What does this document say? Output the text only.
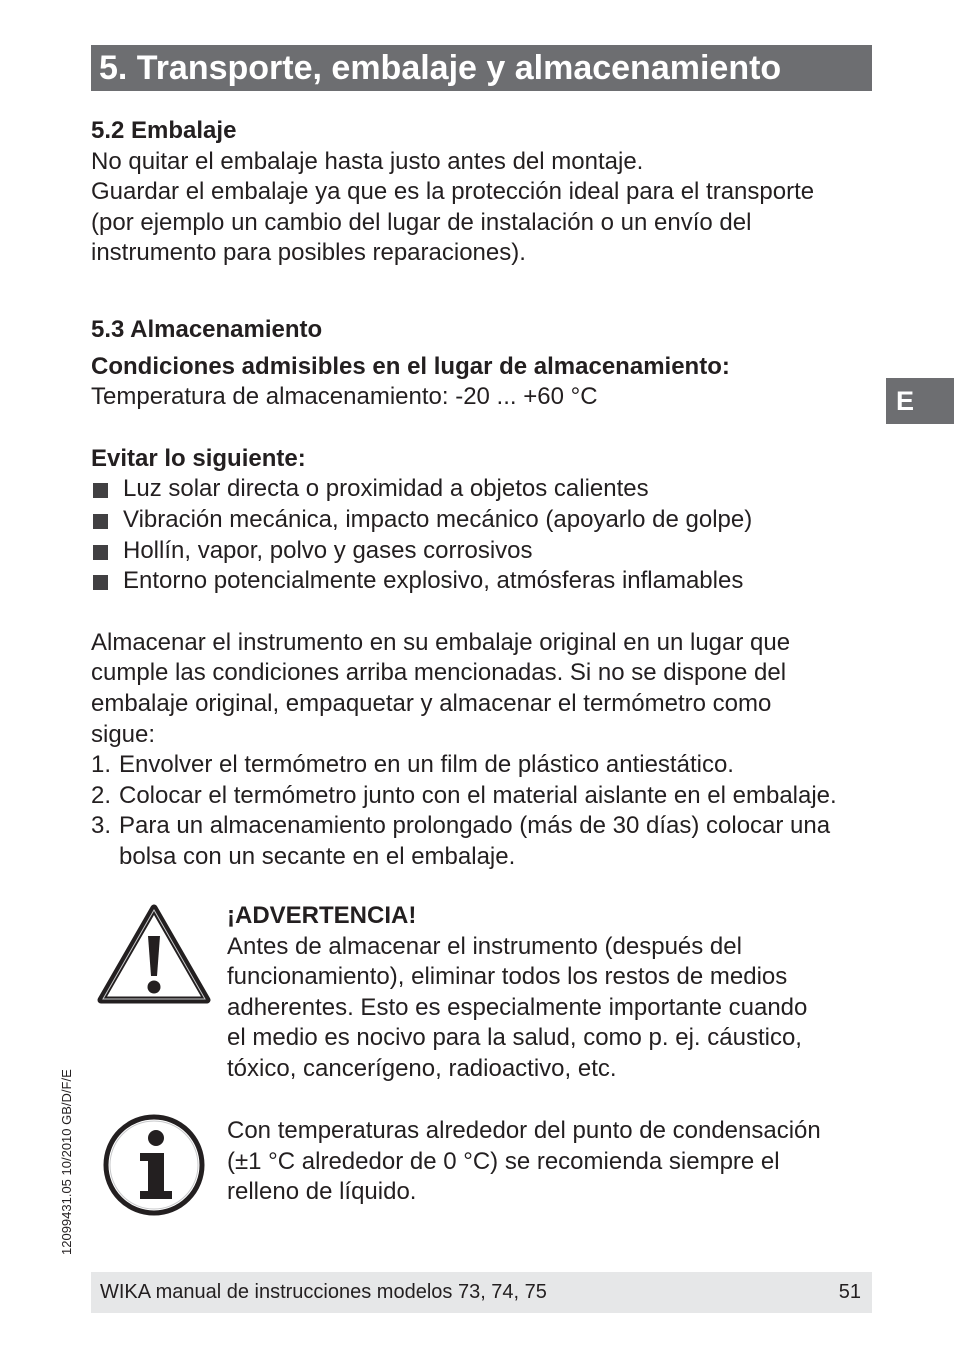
5. Transporte, embalaje y almacenamiento

5.2 Embalaje

No quitar el embalaje hasta justo antes del montaje.

Guardar el embalaje ya que es la protección ideal para el transporte

(por ejemplo un cambio del lugar de instalación o un envío del

instrumento para posibles reparaciones).

5.3 Almacenamiento

Condiciones admisibles en el lugar de almacenamiento:

Temperatura de almacenamiento: -20 ... +60 °C

Evitar lo siguiente:

Luz solar directa o proximidad a objetos calientes
Vibración mecánica, impacto mecánico (apoyarlo de golpe)
Hollín, vapor, polvo y gases corrosivos
Entorno potencialmente explosivo, atmósferas inflamables

Almacenar el instrumento en su embalaje original en un lugar que

cumple las condiciones arriba mencionadas. Si no se dispone del

embalaje original, empaquetar y almacenar el termómetro como

sigue:

1. Envolver el termómetro en un film de plástico antiestático.
2. Colocar el termómetro junto con el material aislante en el embalaje.
3. Para un almacenamiento prolongado (más de 30 días) colocar una bolsa con un secante en el embalaje.

¡ADVERTENCIA!

Antes de almacenar el instrumento (después del

funcionamiento), eliminar todos los restos de medios

adherentes. Esto es especialmente importante cuando

el medio es nocivo para la salud, como p. ej. cáustico,

tóxico, cancerígeno, radioactivo, etc.

Con temperaturas alrededor del punto de condensación

(±1 °C alrededor de 0 °C) se recomienda siempre el

relleno de líquido.

E
12099431.05 10/2010 GB/D/F/E
WIKA manual de instrucciones modelos 73, 74, 75	51
